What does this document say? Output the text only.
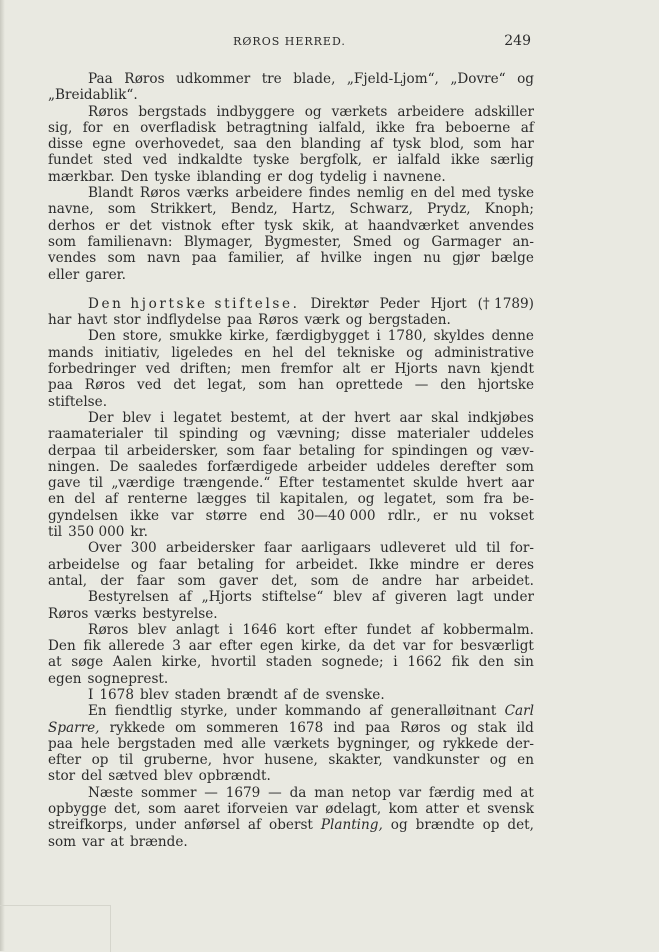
RØROS HERRED.	249
Paa Røros udkommer tre blade, „Fjeld-Ljom“, „Dovre“ og
„Breidablik“.
Røros bergstads indbyggere og værkets arbeidere adskiller
sig, for en overfladisk betragtning ialfald, ikke fra beboerne af
disse egne overhovedet, saa den blanding af tysk blod, som har
fundet sted ved indkaldte tyske bergfolk, er ialfald ikke særlig
mærkbar. Den tyske iblanding er dog tydelig i navnene.
Blandt Røros værks arbeidere findes nemlig en del med tyske
navne, som Strikkert, Bendz, Hartz, Schwarz, Prydz, Knoph;
derhos er det vistnok efter tysk skik, at haandværket anvendes
som familienavn: Blymager, Bygmester, Smed og Garmager an-
vendes som navn paa familier, af hvilke ingen nu gjør bælge
eller garer.
Den hjortske stiftelse. Direktør Peder Hjort († 1789)
har havt stor indflydelse paa Røros værk og bergstaden.
Den store, smukke kirke, færdigbygget i 1780, skyldes denne
mands initiativ, ligeledes en hel del tekniske og administrative
forbedringer ved driften; men fremfor alt er Hjorts navn kjendt
paa Røros ved det legat, som han oprettede — den hjortske
stiftelse.
Der blev i legatet bestemt, at der hvert aar skal indkjøbes
raamaterialer til spinding og vævning; disse materialer uddeles
derpaa til arbeidersker, som faar betaling for spindingen og væv-
ningen. De saaledes forfærdigede arbeider uddeles derefter som
gave til „værdige trængende.“ Efter testamentet skulde hvert aar
en del af renterne lægges til kapitalen, og legatet, som fra be-
gyndelsen ikke var større end 30—40 000 rdlr., er nu vokset
til 350 000 kr.
Over 300 arbeidersker faar aarligaars udleveret uld til for-
arbeidelse og faar betaling for arbeidet. Ikke mindre er deres
antal, der faar som gaver det, som de andre har arbeidet.
Bestyrelsen af „Hjorts stiftelse“ blev af giveren lagt under
Røros værks bestyrelse.
Røros blev anlagt i 1646 kort efter fundet af kobbermalm.
Den fik allerede 3 aar efter egen kirke, da det var for besværligt
at søge Aalen kirke, hvortil staden sognede; i 1662 fik den sin
egen sogneprest.
I 1678 blev staden brændt af de svenske.
En fiendtlig styrke, under kommando af generalløitnant Carl
Sparre, rykkede om sommeren 1678 ind paa Røros og stak ild
paa hele bergstaden med alle værkets bygninger, og rykkede der-
efter op til gruberne, hvor husene, skakter, vandkunster og en
stor del sætved blev opbrændt.
Næste sommer — 1679 — da man netop var færdig med at
opbygge det, som aaret iforveien var ødelagt, kom atter et svensk
streifkorps, under anførsel af oberst Planting, og brændte op det,
som var at brænde.
